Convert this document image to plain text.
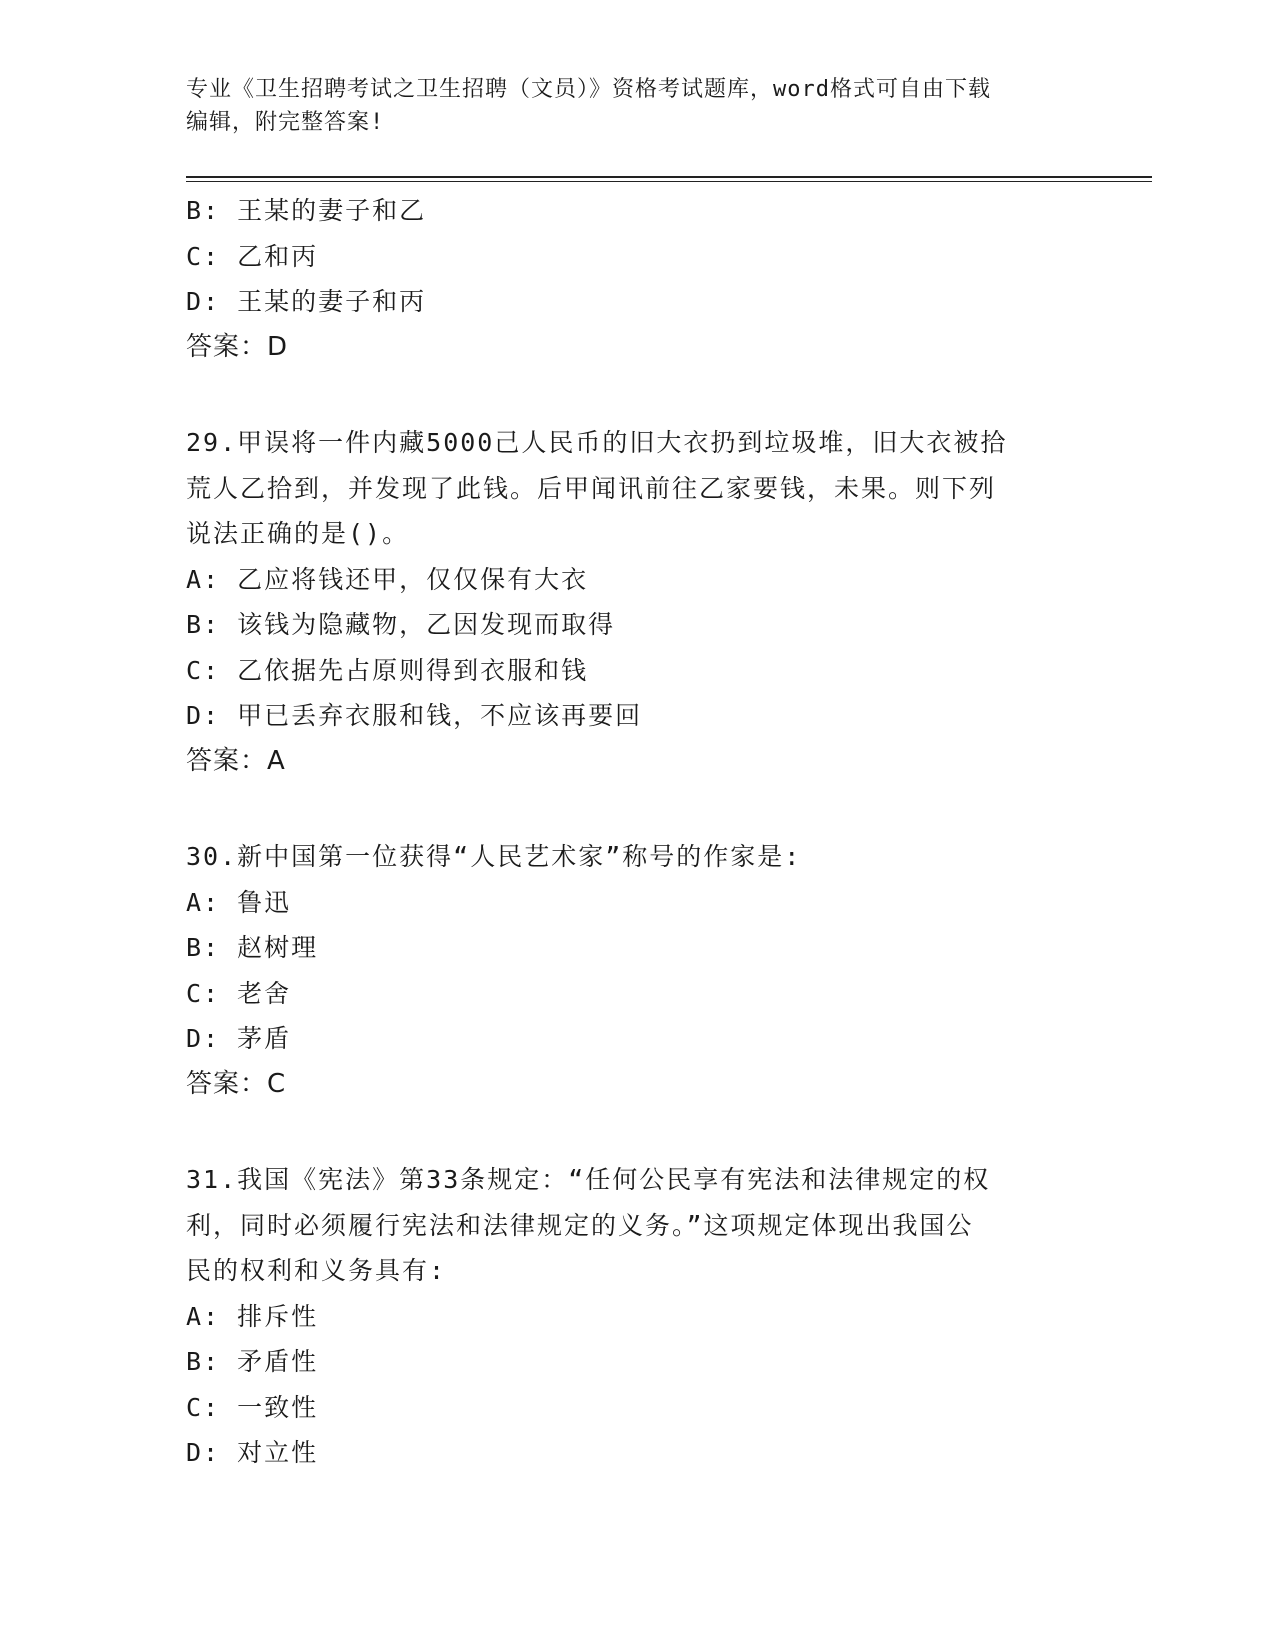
专业《卫生招聘考试之卫生招聘（文员）》资格考试题库，word格式可自由下载
编辑，附完整答案!
B: 王某的妻子和乙
C: 乙和丙
D: 王某的妻子和丙
答案：D
29.甲误将一件内藏5000己人民币的旧大衣扔到垃圾堆，旧大衣被拾
荒人乙拾到，并发现了此钱。后甲闻讯前往乙家要钱，未果。则下列
说法正确的是()。
A: 乙应将钱还甲，仅仅保有大衣
B: 该钱为隐藏物，乙因发现而取得
C: 乙依据先占原则得到衣服和钱
D: 甲已丢弃衣服和钱，不应该再要回
答案：A
30.新中国第一位获得“人民艺术家”称号的作家是:
A: 鲁迅
B: 赵树理
C: 老舍
D: 茅盾
答案：C
31.我国《宪法》第33条规定：“任何公民享有宪法和法律规定的权
利，同时必须履行宪法和法律规定的义务。”这项规定体现出我国公
民的权利和义务具有:
A: 排斥性
B: 矛盾性
C: 一致性
D: 对立性
